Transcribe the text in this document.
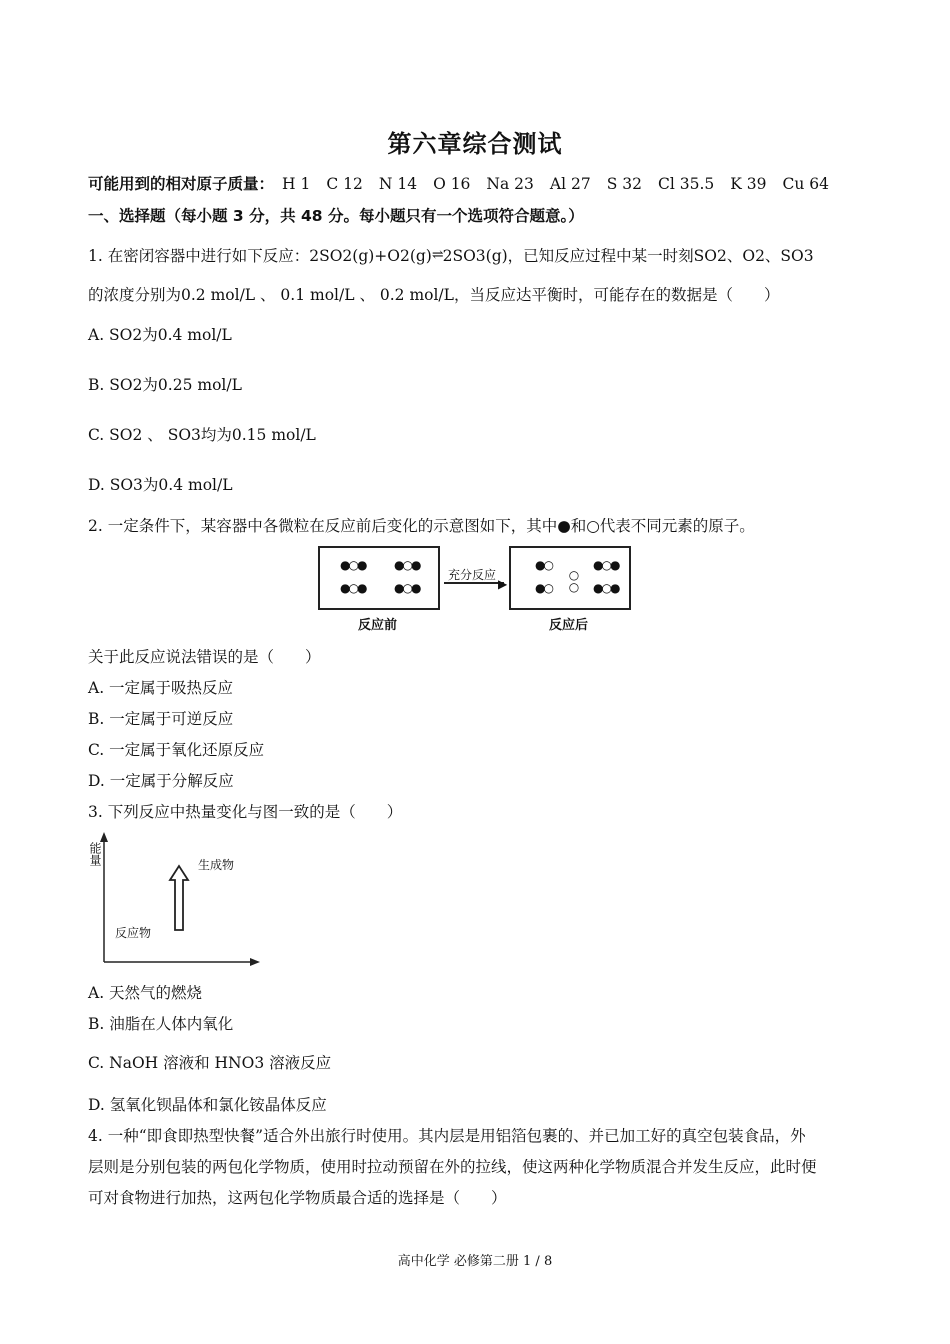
第六章综合测试
可能用到的相对原子质量： H 1 C 12 N 14 O 16 Na 23 Al 27 S 32 Cl 35.5 K 39 Cu 64
一、选择题（每小题 3 分，共 48 分。每小题只有一个选项符合题意。）
1. 在密闭容器中进行如下反应：2SO2(g)+O2(g)⇌2SO3(g)，已知反应过程中某一时刻SO2、O2、SO3
的浓度分别为0.2 mol/L 、 0.1 mol/L 、 0.2 mol/L，当反应达平衡时，可能存在的数据是（　　）
A. SO2为0.4 mol/L
B. SO2为0.25 mol/L
C. SO2 、 SO3均为0.15 mol/L
D. SO3为0.4 mol/L
2. 一定条件下，某容器中各微粒在反应前后变化的示意图如下，其中●和○代表不同元素的原子。
●○● ●○●
●○● ●○●
充分反应
▶
●○
●○ ○○
●○●
●○●
反应前	反应后
关于此反应说法错误的是（　　）
A. 一定属于吸热反应
B. 一定属于可逆反应
C. 一定属于氧化还原反应
D. 一定属于分解反应
3. 下列反应中热量变化与图一致的是（　　）
能量	生成物
反应物
A. 天然气的燃烧
B. 油脂在人体内氧化
C. NaOH 溶液和 HNO3 溶液反应
D. 氢氧化钡晶体和氯化铵晶体反应
4. 一种“即食即热型快餐”适合外出旅行时使用。其内层是用铝箔包裹的、并已加工好的真空包装食品，外
层则是分别包装的两包化学物质，使用时拉动预留在外的拉线，使这两种化学物质混合并发生反应，此时便
可对食物进行加热，这两包化学物质最合适的选择是（　　）
高中化学 必修第二册 1 / 8
